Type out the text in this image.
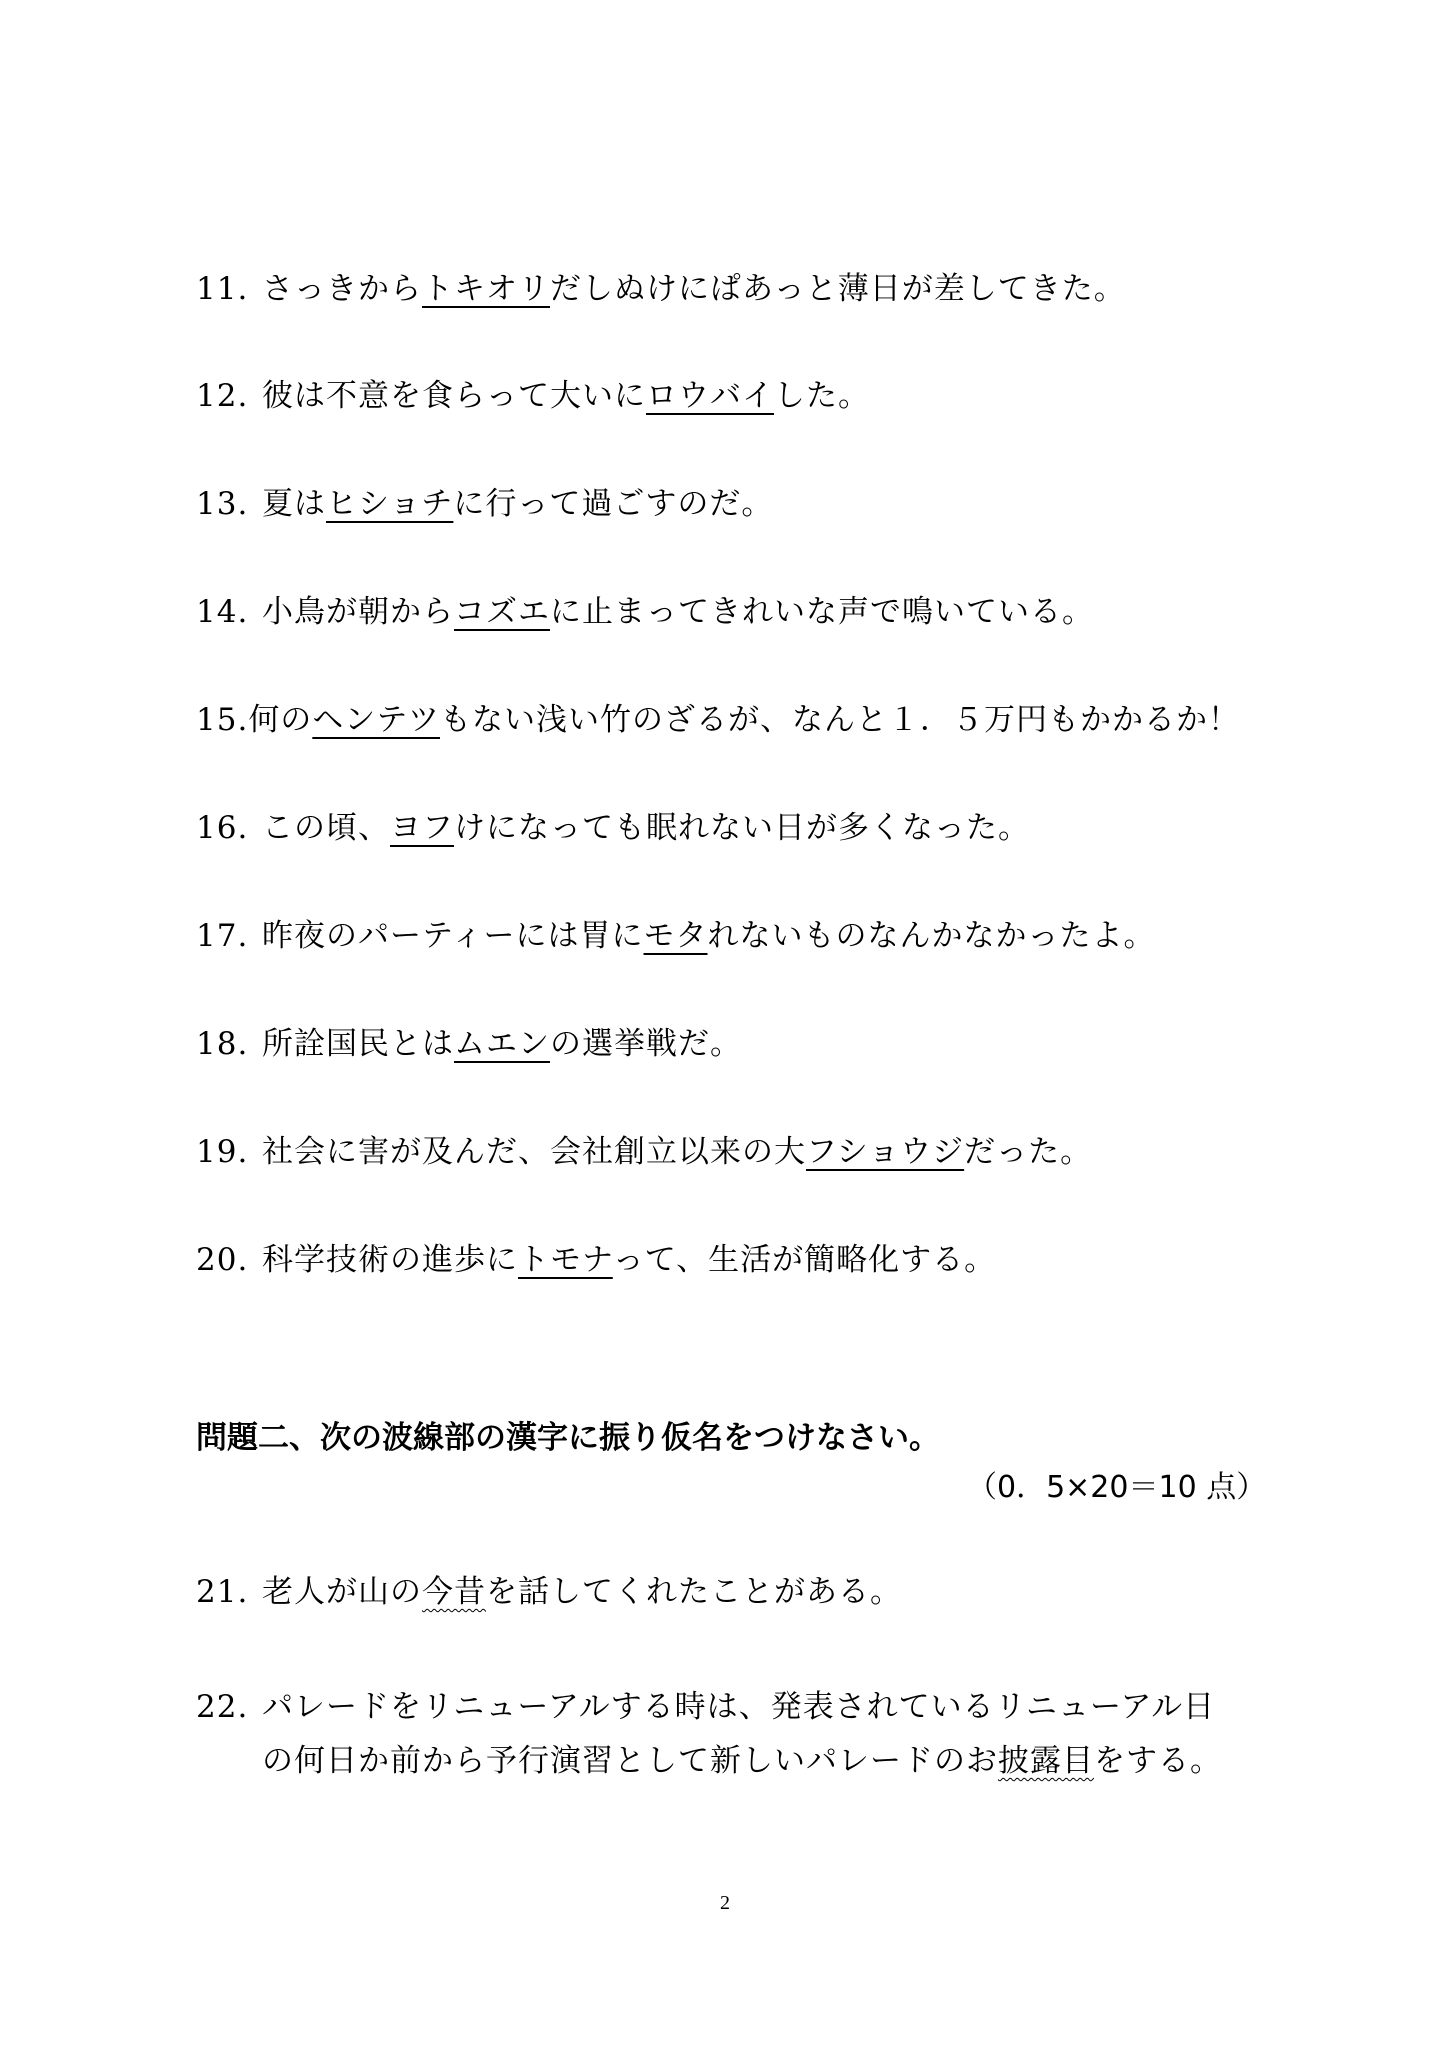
11. さっきからトキオリだしぬけにぱあっと薄日が差してきた。
12. 彼は不意を食らって大いにロウバイした。
13. 夏はヒショチに行って過ごすのだ。
14. 小鳥が朝からコズエに止まってきれいな声で鳴いている。
15.何のヘンテツもない浅い竹のざるが、なんと１．５万円もかかるか！
16. この頃、ヨフけになっても眠れない日が多くなった。
17. 昨夜のパーティーには胃にモタれないものなんかなかったよ。
18. 所詮国民とはムエンの選挙戦だ。
19. 社会に害が及んだ、会社創立以来の大フショウジだった。
20. 科学技術の進歩にトモナって、生活が簡略化する。
問題二、次の波線部の漢字に振り仮名をつけなさい。
（0．5×20＝10 点）
21. 老人が山の今昔を話してくれたことがある。
22. パレードをリニューアルする時は、発表されているリニューアル日
の何日か前から予行演習として新しいパレードのお披露目をする。
2
